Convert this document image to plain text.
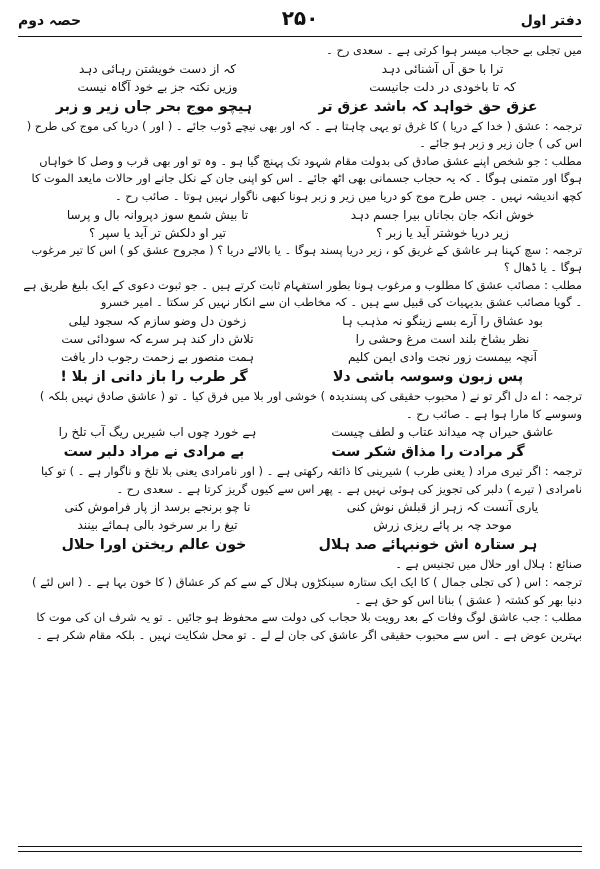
حصہ دوم	دفتر اول
۲۵۰

میں تجلی بے حجاب میسر ہوا کرتی ہے ۔ سعدی رح ۔

ترا با حق آں آشنائی دہد
کہ از دست خویشتن رہائی دہد
کہ تا باخودی در دلت جانیست
وزیں نکتہ جز بے خود آگاہ نیست
عزق حق خواہد کہ باشد عزق تر
ہیچو موج بحر جاں زیر و زبر

ترجمہ : عشق ( خدا کے دریا ) کا غرق تو یہی چاہتا ہے ۔ کہ اور بھی نیچے ڈوب جائے ۔ ( اور ) دریا کی موج کی طرح ( اس کی ) جان زیر و زبر ہو جائے ۔

مطلب : جو شخص اپنے عشق صادق کی بدولت مقام شہود تک پہنچ گیا ہو ۔ وہ تو اور بھی قرب و وصل کا خواہاں ہوگا اور متمنی ہوگا ۔ کہ یہ حجاب جسمانی بھی اٹھ جائے ۔ اس کو اپنی جان کے نکل جانے اور حالات مایعد الموت کا کچھ اندیشہ نہیں ۔ جس طرح موج کو دریا میں زیر و زبر ہونا کبھی ناگوار نہیں ہوتا ۔ صائب رح ۔

خوش انکہ جان بجاناں بیرا جسم دہد
تا بیش شمع سوز دپروانہ بال و پرسا
زیر دریا خوشتر آید یا زبر ؟
تیر او دلکش تر آید یا سپر ؟

ترجمہ : سچ کہنا ہر عاشق کے غریق کو ، زیر دریا پسند ہوگا ۔ یا بالائے دریا ؟ ( مجروح عشق کو ) اس کا تیر مرغوب ہوگا ۔ یا ڈھال ؟

مطلب : مصائب عشق کا مطلوب و مرغوب ہونا بطور استفہام ثابت کرتے ہیں ۔ جو ثبوت دعوی کے ایک بلیغ طریق ہے ۔ گویا مصائب عشق بدیہیات کی قبیل سے ہیں ۔ کہ مخاطب ان سے انکار نہیں کر سکتا ۔ امیر خسرو

بود عشاق را آرے بسے زینگو نہ مذہب ہا
زخون دل وضو سازم کہ سجود لیلی
نظر بشاخ بلند است مرغ وحشی را
تلاش دار کند ہر سرے کہ سودائی ست
آنچہ بیمست زور نجت وادی ایمن کلیم
ہمت منصور بے زحمت رجوب دار یافت
پس زبون وسوسہ باشی دلا
گر طرب را باز دانی از بلا !

ترجمہ : اے دل اگر تو نے ( محبوب حقیقی کی پسندیدہ ) خوشی اور بلا میں فرق کیا ۔ تو ( عاشق صادق نہیں بلکہ ) وسوسے کا مارا ہوا ہے ۔ صائب رح ۔

عاشق حیراں چہ میداند عتاب و لطف چیست
ہے خورد چوں اب شیریں ریگ آب تلخ را
گر مرادت را مذاق شکر ست
بے مرادی نے مراد دلبر ست

ترجمہ : اگر تیری مراد ( یعنی طرب ) شیرینی کا ذائقہ رکھتی ہے ۔ ( اور نامرادی یعنی بلا تلخ و ناگوار ہے ۔ ) تو کیا نامرادی ( تیرے ) دلبر کی تجویز کی ہوئی نہیں ہے ۔ پھر اس سے کیوں گریز کرتا ہے ۔ سعدی رح ۔

یاری آنست کہ زہر از قبلش نوش کنی
نا چو برنجے برسد از پار فراموش کنی
موحد چہ بر پائے ریزی زرش
تیغ را بر سرخود بالی ہمائے بینند
ہر ستارہ اش خونبہائے صد ہلال
خون عالم ریختن اورا حلال

صنائع : ہلال اور حلال میں تجنیس ہے ۔

ترجمہ : اس ( کی تجلی جمال ) کا ایک ایک ستارہ سینکڑوں ہلال کے سے کم کر عشاق ( کا خون بہا ہے ۔ ( اس لئے ) دنیا بھر کو کشتہ ( عشق ) بنانا اس کو حق ہے ۔

مطلب : جب عاشق لوگ وفات کے بعد رویت بلا حجاب کی دولت سے محفوظ ہو جائیں ۔ تو یہ شرف ان کی موت کا بہترین عوض ہے ۔ اس سے محبوب حقیقی اگر عاشق کی جان لے لے ۔ تو محل شکایت نہیں ۔ بلکہ مقام شکر ہے ۔
